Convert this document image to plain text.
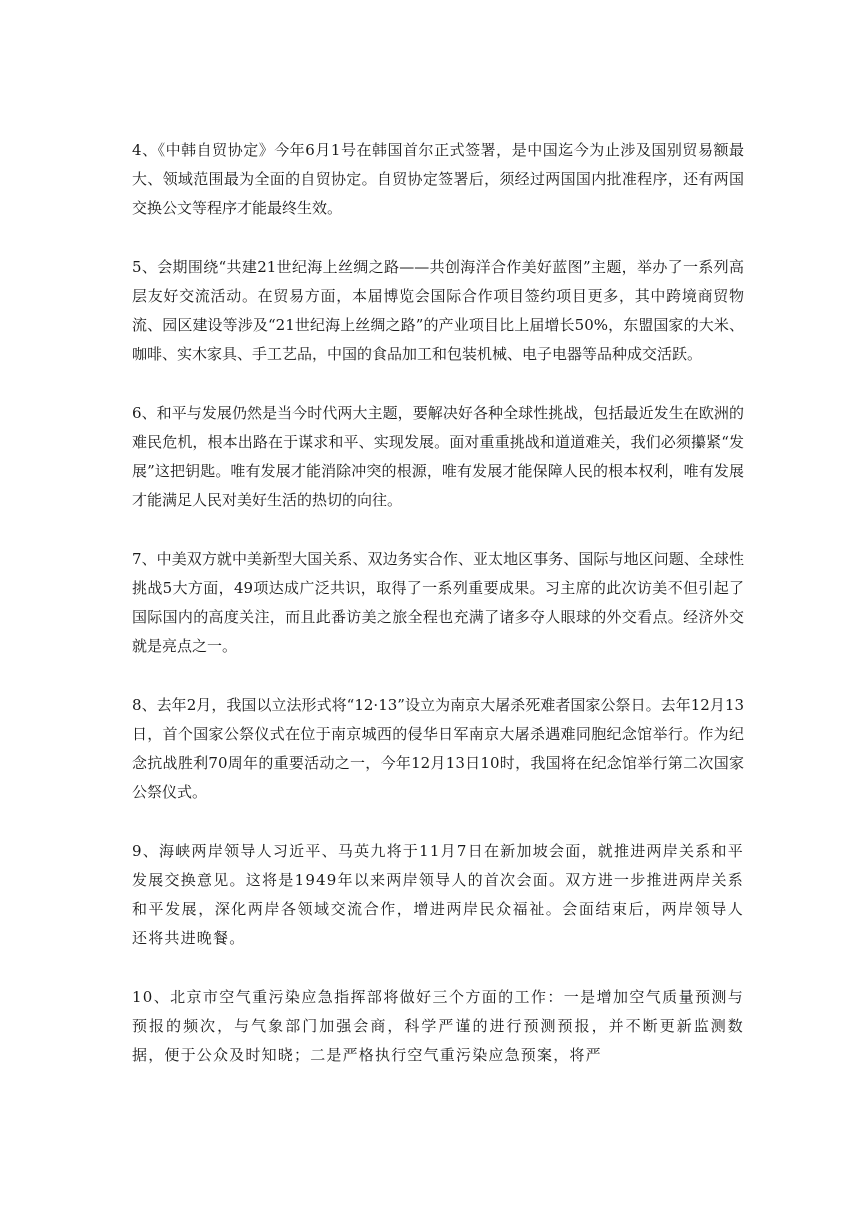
4、《中韩自贸协定》今年6月1号在韩国首尔正式签署，是中国迄今为止涉及国别贸易额最大、领域范围最为全面的自贸协定。自贸协定签署后，须经过两国国内批准程序，还有两国交换公文等程序才能最终生效。

5、会期围绕“共建21世纪海上丝绸之路——共创海洋合作美好蓝图”主题，举办了一系列高层友好交流活动。在贸易方面，本届博览会国际合作项目签约项目更多，其中跨境商贸物流、园区建设等涉及“21世纪海上丝绸之路”的产业项目比上届增长50%，东盟国家的大米、咖啡、实木家具、手工艺品，中国的食品加工和包装机械、电子电器等品种成交活跃。

6、和平与发展仍然是当今时代两大主题，要解决好各种全球性挑战，包括最近发生在欧洲的难民危机，根本出路在于谋求和平、实现发展。面对重重挑战和道道难关，我们必须攥紧“发展”这把钥匙。唯有发展才能消除冲突的根源，唯有发展才能保障人民的根本权利，唯有发展才能满足人民对美好生活的热切的向往。

7、中美双方就中美新型大国关系、双边务实合作、亚太地区事务、国际与地区问题、全球性挑战5大方面，49项达成广泛共识，取得了一系列重要成果。习主席的此次访美不但引起了国际国内的高度关注，而且此番访美之旅全程也充满了诸多夺人眼球的外交看点。经济外交就是亮点之一。

8、去年2月，我国以立法形式将“12·13”设立为南京大屠杀死难者国家公祭日。去年12月13日，首个国家公祭仪式在位于南京城西的侵华日军南京大屠杀遇难同胞纪念馆举行。作为纪念抗战胜利70周年的重要活动之一，今年12月13日10时，我国将在纪念馆举行第二次国家公祭仪式。

9、海峡两岸领导人习近平、马英九将于11月7日在新加坡会面，就推进两岸关系和平发展交换意见。这将是1949年以来两岸领导人的首次会面。双方进一步推进两岸关系和平发展，深化两岸各领域交流合作，增进两岸民众福祉。会面结束后，两岸领导人还将共进晚餐。

10、北京市空气重污染应急指挥部将做好三个方面的工作：一是增加空气质量预测与预报的频次，与气象部门加强会商，科学严谨的进行预测预报，并不断更新监测数据，便于公众及时知晓；二是严格执行空气重污染应急预案，将严
